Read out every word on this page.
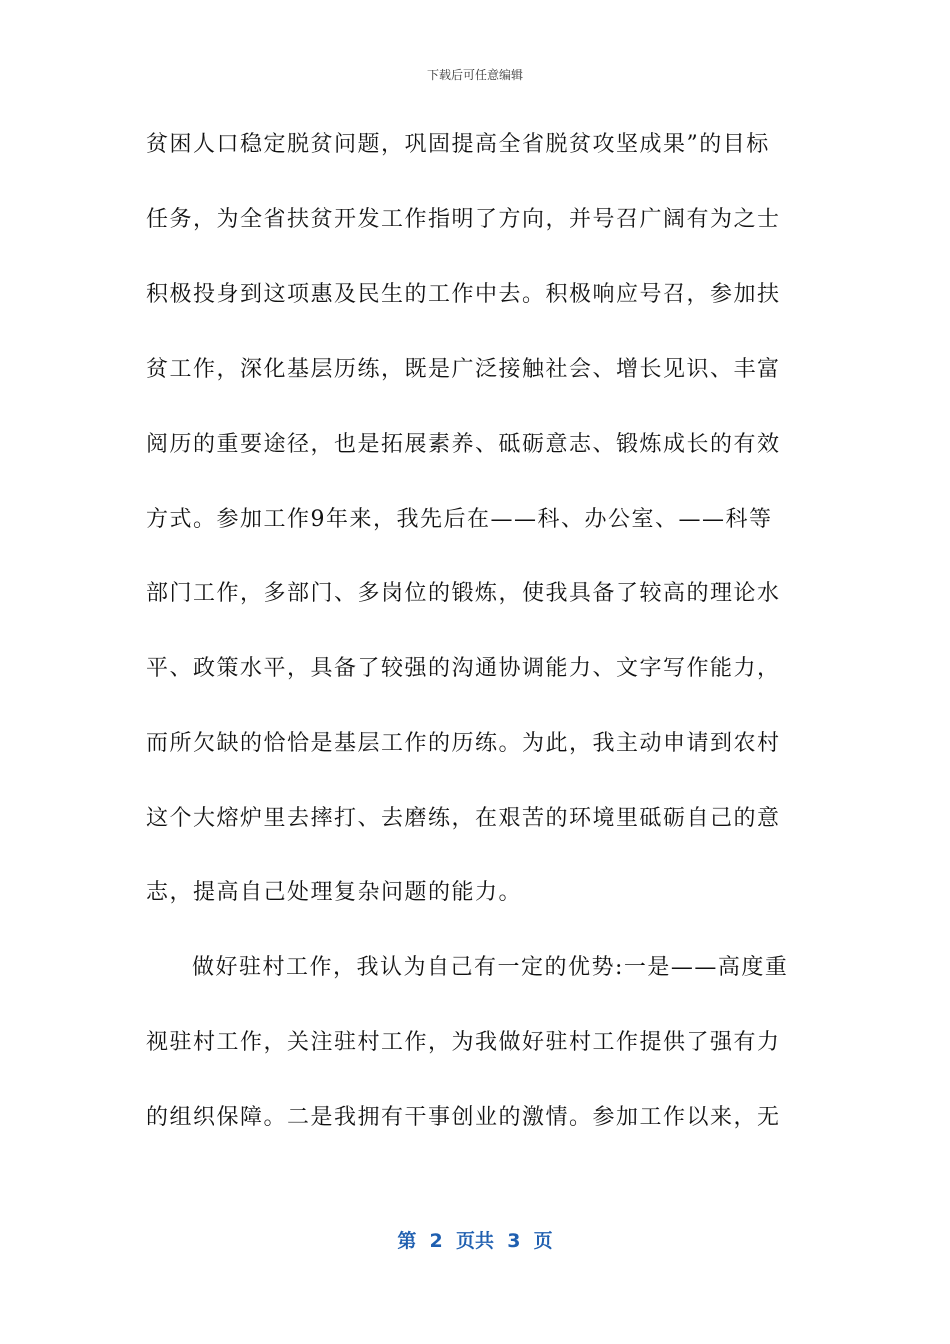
下载后可任意编辑
贫困人口稳定脱贫问题，巩固提高全省脱贫攻坚成果”的目标
任务，为全省扶贫开发工作指明了方向，并号召广阔有为之士
积极投身到这项惠及民生的工作中去。积极响应号召，参加扶
贫工作，深化基层历练，既是广泛接触社会、增长见识、丰富
阅历的重要途径，也是拓展素养、砥砺意志、锻炼成长的有效
方式。参加工作9年来，我先后在——科、办公室、——科等
部门工作，多部门、多岗位的锻炼，使我具备了较高的理论水
平、政策水平，具备了较强的沟通协调能力、文字写作能力，
而所欠缺的恰恰是基层工作的历练。为此，我主动申请到农村
这个大熔炉里去摔打、去磨练，在艰苦的环境里砥砺自己的意
志，提高自己处理复杂问题的能力。
做好驻村工作，我认为自己有一定的优势:一是——高度重
视驻村工作，关注驻村工作，为我做好驻村工作提供了强有力
的组织保障。二是我拥有干事创业的激情。参加工作以来，无
第  2  页共  3  页
